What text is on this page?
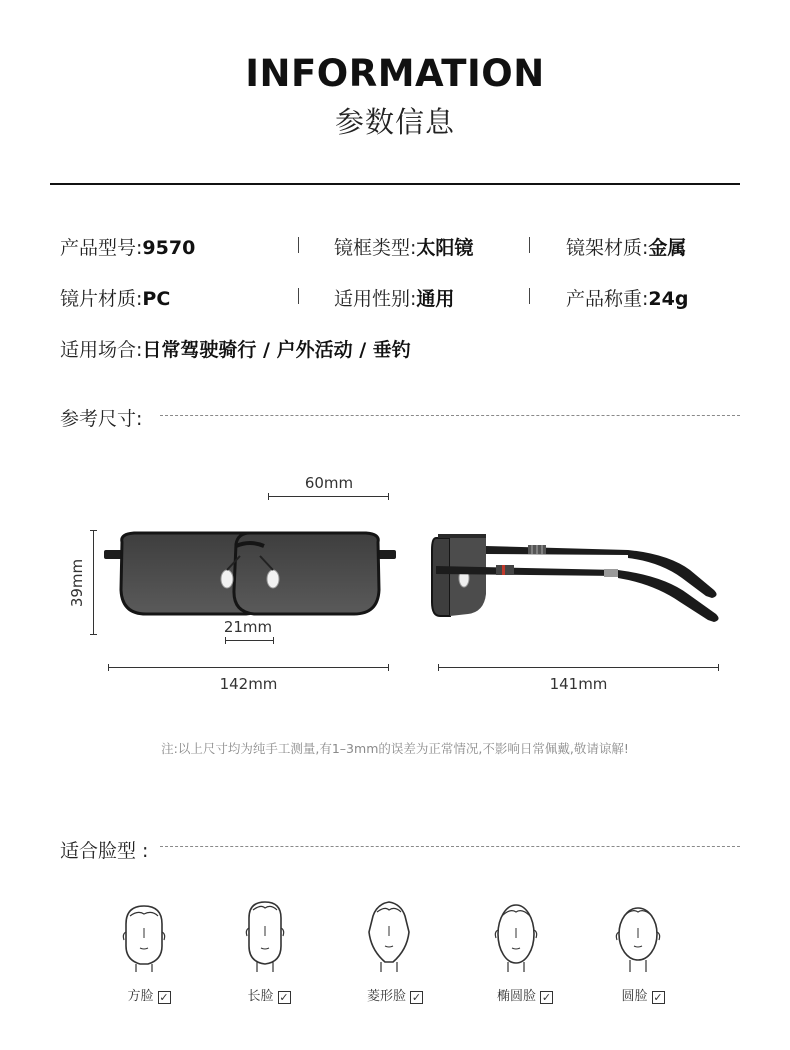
INFORMATION
参数信息
产品型号:9570	镜框类型:太阳镜	镜架材质:金属
镜片材质:PC	适用性别:通用	产品称重:24g
适用场合:日常驾驶骑行 / 户外活动 / 垂钓
参考尺寸:
60mm
39mm
21mm
142mm	141mm
注:以上尺寸均为纯手工测量,有1–3mm的误差为正常情况,不影响日常佩戴,敬请谅解!
适合脸型 :
方脸 ✓	长脸 ✓	菱形脸 ✓	椭圆脸 ✓	圆脸 ✓
